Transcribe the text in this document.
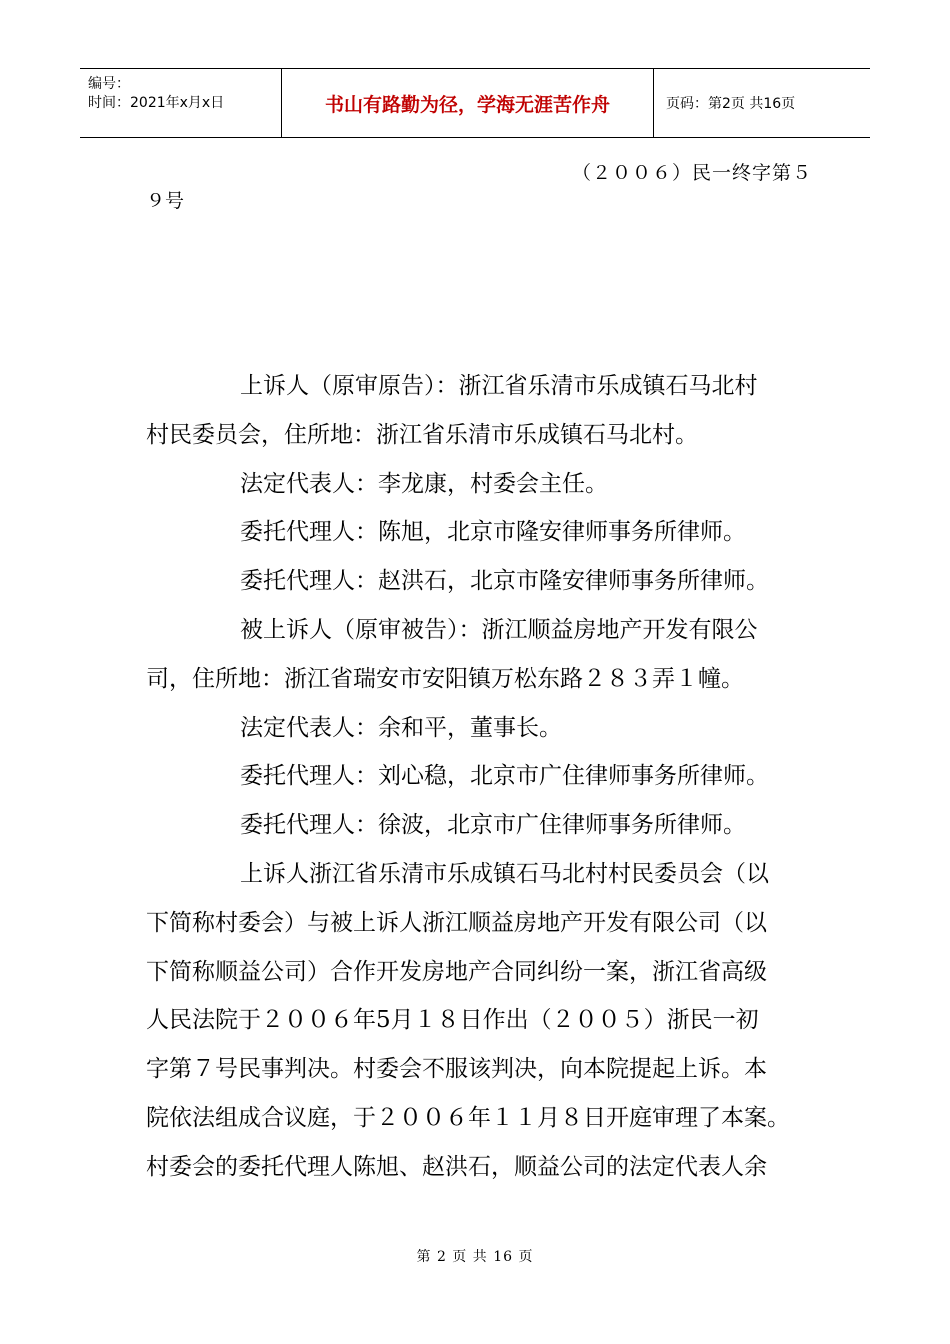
编号：
时间：2021年x月x日	书山有路勤为径，学海无涯苦作舟	页码：第2页 共16页
（２００６）民一终字第５
９号
上诉人（原审原告）：浙江省乐清市乐成镇石马北村
村民委员会，住所地：浙江省乐清市乐成镇石马北村。
法定代表人：李龙康，村委会主任。
委托代理人：陈旭，北京市隆安律师事务所律师。
委托代理人：赵洪石，北京市隆安律师事务所律师。
被上诉人（原审被告）：浙江顺益房地产开发有限公
司，住所地：浙江省瑞安市安阳镇万松东路２８３弄１幢。
法定代表人：余和平，董事长。
委托代理人：刘心稳，北京市广住律师事务所律师。
委托代理人：徐波，北京市广住律师事务所律师。
上诉人浙江省乐清市乐成镇石马北村村民委员会（以
下简称村委会）与被上诉人浙江顺益房地产开发有限公司（以
下简称顺益公司）合作开发房地产合同纠纷一案，浙江省高级
人民法院于２００６年5月１８日作出（２００５）浙民一初
字第７号民事判决。村委会不服该判决，向本院提起上诉。本
院依法组成合议庭，于２００６年１１月８日开庭审理了本案。
村委会的委托代理人陈旭、赵洪石，顺益公司的法定代表人余
第 2 页 共 16 页
